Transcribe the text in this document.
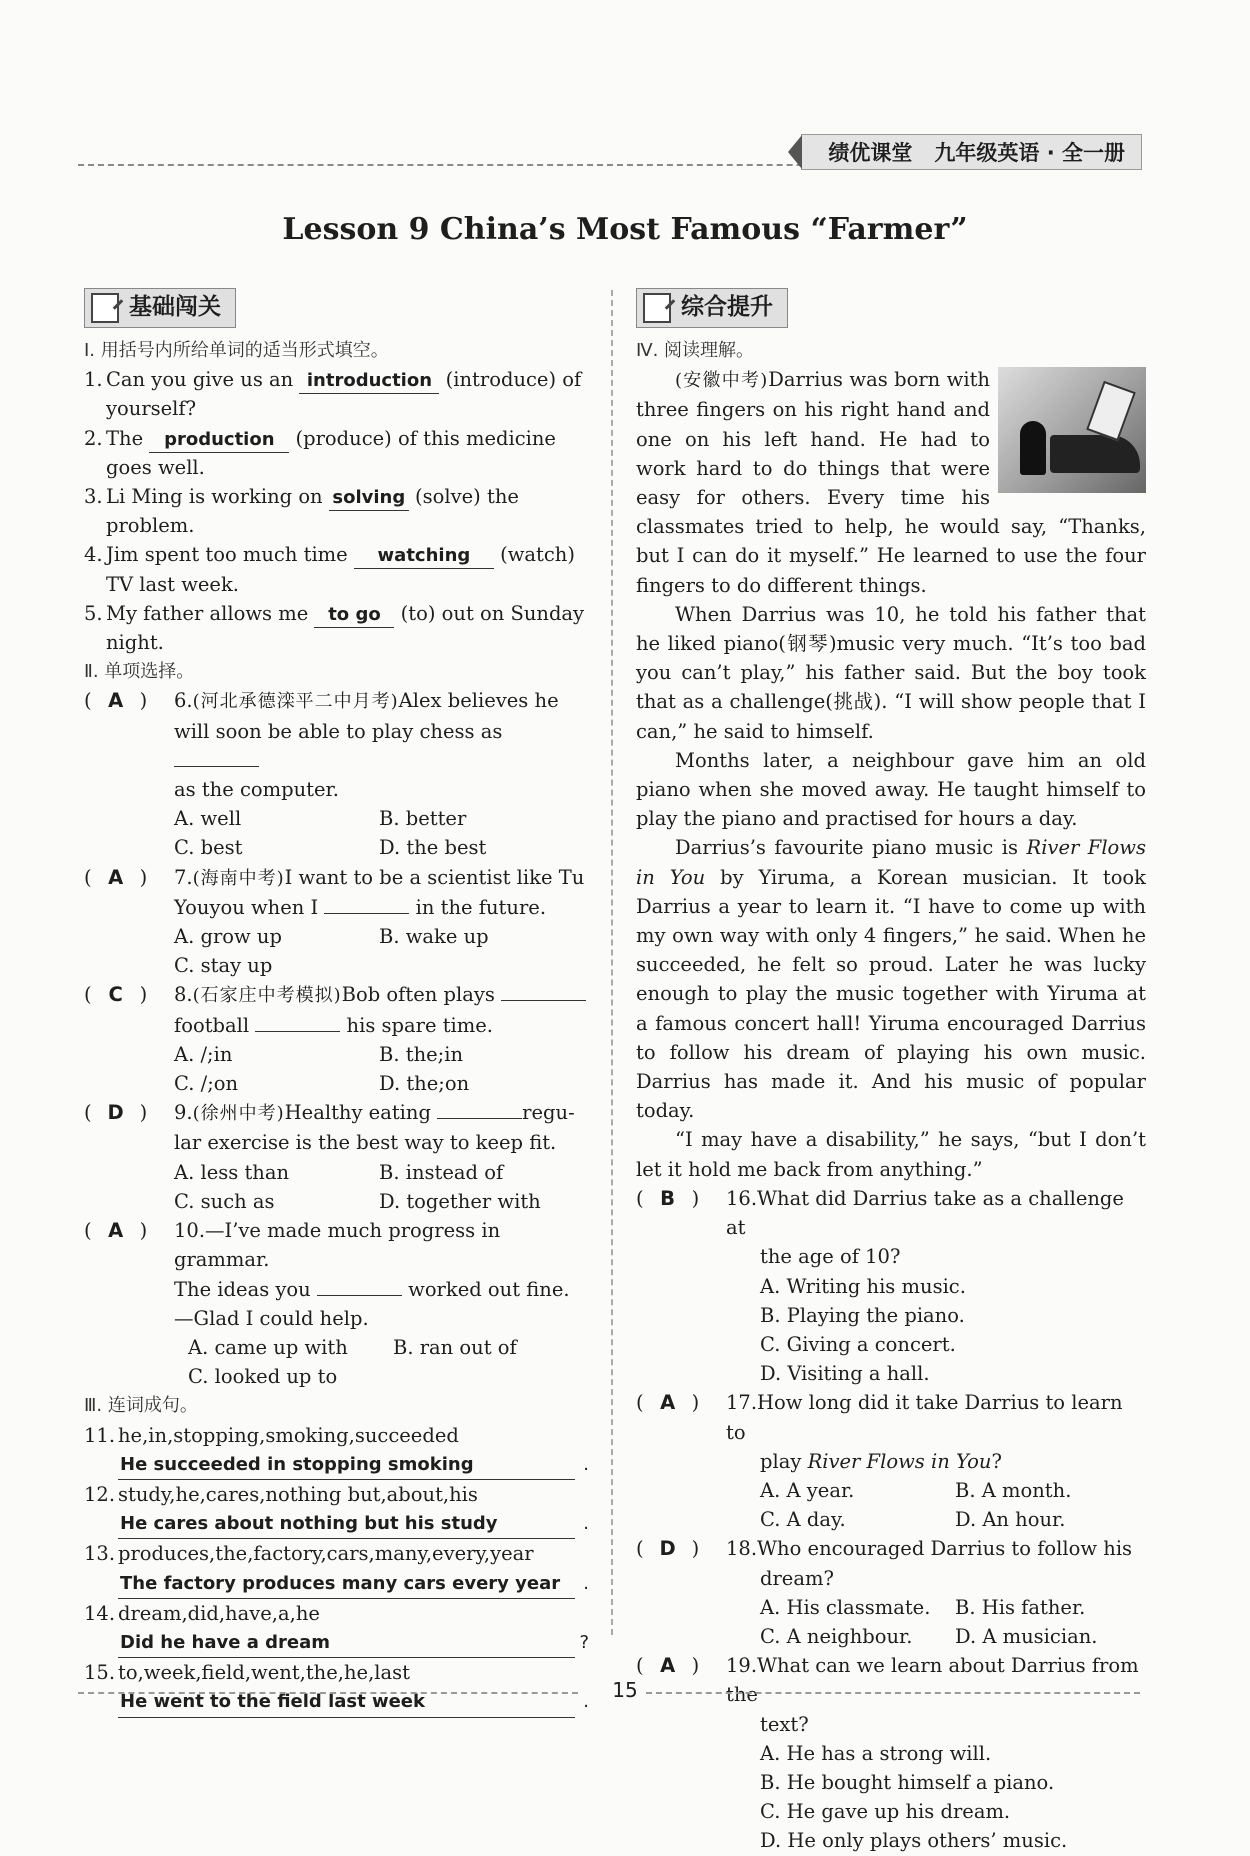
绩优课堂 九年级英语 · 全一册
Lesson 9 China’s Most Famous “Farmer”
基础闯关
Ⅰ. 用括号内所给单词的适当形式填空。
1. Can you give us an introduction (introduce) of
yourself?
2. The production (produce) of this medicine
goes well.
3. Li Ming is working on solving (solve) the
problem.
4. Jim spent too much time watching (watch)
TV last week.
5. My father allows me to go (to) out on Sunday
night.
Ⅱ. 单项选择。
( A )	6.(河北承德滦平二中月考)Alex believes he
will soon be able to play chess as
as the computer.
A. well	B. better
C. best	D. the best
( A )	7.(海南中考)I want to be a scientist like Tu
Youyou when I	in the future.
A. grow up	B. wake up
C. stay up
( C )	8.(石家庄中考模拟)Bob often plays
football	his spare time.
A. /;in	B. the;in
C. /;on	D. the;on
( D )	9.(徐州中考)Healthy eating	regu-
lar exercise is the best way to keep fit.
A. less than	B. instead of
C. such as	D. together with
( A )	10.—I’ve made much progress in grammar.
The ideas you	worked out fine.
—Glad I could help.
A. came up with	B. ran out of
C. looked up to
Ⅲ. 连词成句。
11. he,in,stopping,smoking,succeeded
He succeeded in stopping smoking	.
12. study,he,cares,nothing but,about,his
He cares about nothing but his study	.
13. produces,the,factory,cars,many,every,year
The factory produces many cars every year .
14. dream,did,have,a,he
Did he have a dream	?
15. to,week,field,went,the,he,last
He went to the field last week	.
综合提升
Ⅳ. 阅读理解。

(安徽中考)Darrius was born with three fingers on his right hand and one on his left hand. He had to work hard to do things that were easy for others. Every time his classmates tried to help, he would say, “Thanks, but I can do it myself.” He learned to use the four fingers to do different things.

When Darrius was 10, he told his father that he liked piano(钢琴)music very much. “It’s too bad you can’t play,” his father said. But the boy took that as a challenge(挑战). “I will show people that I can,” he said to himself.

Months later, a neighbour gave him an old piano when she moved away. He taught himself to play the piano and practised for hours a day.

Darrius’s favourite piano music is River Flows in You by Yiruma, a Korean musician. It took Darrius a year to learn it. “I have to come up with my own way with only 4 fingers,” he said. When he succeeded, he felt so proud. Later he was lucky enough to play the music together with Yiruma at a famous concert hall! Yiruma encouraged Darrius to follow his dream of playing his own music. Darrius has made it. And his music of popular today.

“I may have a disability,” he says, “but I don’t let it hold me back from anything.”

( B )	16.What did Darrius take as a challenge at
the age of 10?
A. Writing his music.
B. Playing the piano.
C. Giving a concert.
D. Visiting a hall.
( A )	17.How long did it take Darrius to learn to
play River Flows in You?
A. A year.	B. A month.
C. A day.	D. An hour.
( D )	18.Who encouraged Darrius to follow his
dream?
A. His classmate.	B. His father.
C. A neighbour.	D. A musician.
( A )	19.What can we learn about Darrius from the
text?
A. He has a strong will.
B. He bought himself a piano.
C. He gave up his dream.
D. He only plays others’ music.
15
